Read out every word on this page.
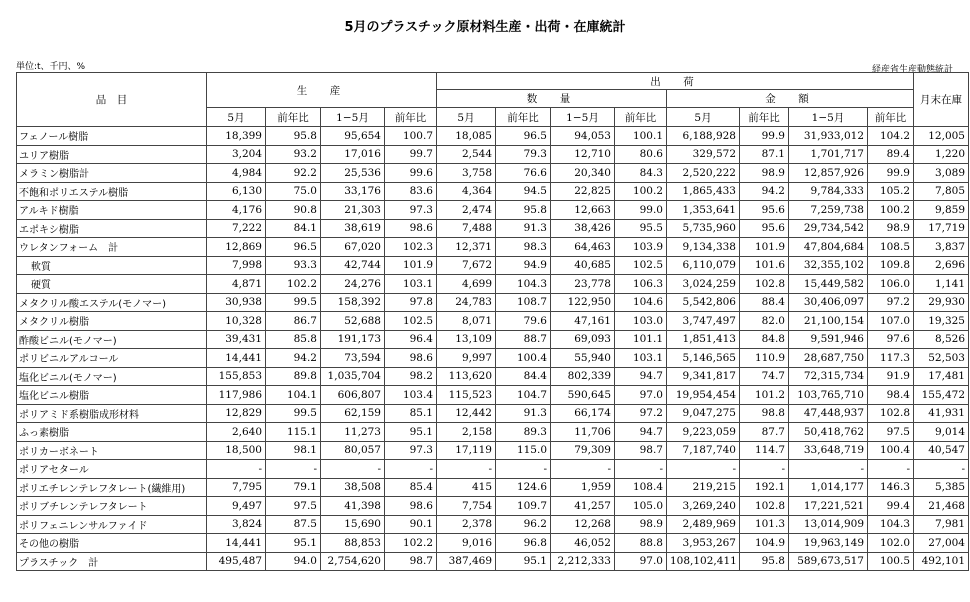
5月のプラスチック原材料生産・出荷・在庫統計
単位:t、千円、%	経産省生産動態統計
品　目	生　産				出　荷								月末在庫
					数　量				金　額				
	5月	前年比	1−5月	前年比	5月	前年比	1−5月	前年比	5月	前年比	1−5月	前年比	
フェノール樹脂	18,399	95.8	95,654	100.7	18,085	96.5	94,053	100.1	6,188,928	99.9	31,933,012	104.2	12,005
ユリア樹脂	3,204	93.2	17,016	99.7	2,544	79.3	12,710	80.6	329,572	87.1	1,701,717	89.4	1,220
メラミン樹脂計	4,984	92.2	25,536	99.6	3,758	76.6	20,340	84.3	2,520,222	98.9	12,857,926	99.9	3,089
不飽和ポリエステル樹脂	6,130	75.0	33,176	83.6	4,364	94.5	22,825	100.2	1,865,433	94.2	9,784,333	105.2	7,805
アルキド樹脂	4,176	90.8	21,303	97.3	2,474	95.8	12,663	99.0	1,353,641	95.6	7,259,738	100.2	9,859
エポキシ樹脂	7,222	84.1	38,619	98.6	7,488	91.3	38,426	95.5	5,735,960	95.6	29,734,542	98.9	17,719
ウレタンフォーム　計	12,869	96.5	67,020	102.3	12,371	98.3	64,463	103.9	9,134,338	101.9	47,804,684	108.5	3,837
軟質	7,998	93.3	42,744	101.9	7,672	94.9	40,685	102.5	6,110,079	101.6	32,355,102	109.8	2,696
硬質	4,871	102.2	24,276	103.1	4,699	104.3	23,778	106.3	3,024,259	102.8	15,449,582	106.0	1,141
メタクリル酸エステル(モノマー)	30,938	99.5	158,392	97.8	24,783	108.7	122,950	104.6	5,542,806	88.4	30,406,097	97.2	29,930
メタクリル樹脂	10,328	86.7	52,688	102.5	8,071	79.6	47,161	103.0	3,747,497	82.0	21,100,154	107.0	19,325
酢酸ビニル(モノマー)	39,431	85.8	191,173	96.4	13,109	88.7	69,093	101.1	1,851,413	84.8	9,591,946	97.6	8,526
ポリビニルアルコール	14,441	94.2	73,594	98.6	9,997	100.4	55,940	103.1	5,146,565	110.9	28,687,750	117.3	52,503
塩化ビニル(モノマー)	155,853	89.8	1,035,704	98.2	113,620	84.4	802,339	94.7	9,341,817	74.7	72,315,734	91.9	17,481
塩化ビニル樹脂	117,986	104.1	606,807	103.4	115,523	104.7	590,645	97.0	19,954,454	101.2	103,765,710	98.4	155,472
ポリアミド系樹脂成形材料	12,829	99.5	62,159	85.1	12,442	91.3	66,174	97.2	9,047,275	98.8	47,448,937	102.8	41,931
ふっ素樹脂	2,640	115.1	11,273	95.1	2,158	89.3	11,706	94.7	9,223,059	87.7	50,418,762	97.5	9,014
ポリカーボネート	18,500	98.1	80,057	97.3	17,119	115.0	79,309	98.7	7,187,740	114.7	33,648,719	100.4	40,547
ポリアセタール	-	-	-	-	-	-	-	-	-	-	-	-	-
ポリエチレンテレフタレート(繊維用)	7,795	79.1	38,508	85.4	415	124.6	1,959	108.4	219,215	192.1	1,014,177	146.3	5,385
ポリブチレンテレフタレート	9,497	97.5	41,398	98.6	7,754	109.7	41,257	105.0	3,269,240	102.8	17,221,521	99.4	21,468
ポリフェニレンサルファイド	3,824	87.5	15,690	90.1	2,378	96.2	12,268	98.9	2,489,969	101.3	13,014,909	104.3	7,981
その他の樹脂	14,441	95.1	88,853	102.2	9,016	96.8	46,052	88.8	3,953,267	104.9	19,963,149	102.0	27,004
プラスチック　計	495,487	94.0	2,754,620	98.7	387,469	95.1	2,212,333	97.0	108,102,411	95.8	589,673,517	100.5	492,101
